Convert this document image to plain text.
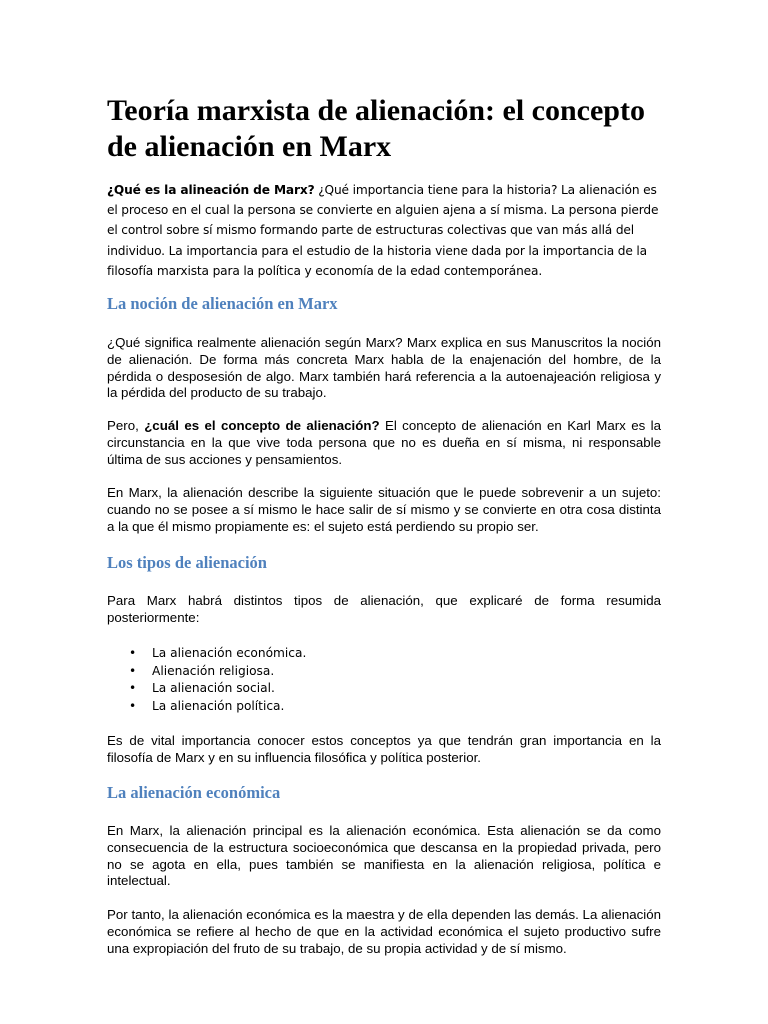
Teoría marxista de alienación: el concepto de alienación en Marx

¿Qué es la alineación de Marx? ¿Qué importancia tiene para la historia? La alienación es el proceso en el cual la persona se convierte en alguien ajena a sí misma. La persona pierde el control sobre sí mismo formando parte de estructuras colectivas que van más allá del individuo. La importancia para el estudio de la historia viene dada por la importancia de la filosofía marxista para la política y economía de la edad contemporánea.

La noción de alienación en Marx

¿Qué significa realmente alienación según Marx? Marx explica en sus Manuscritos la noción de alienación. De forma más concreta Marx habla de la enajenación del hombre, de la pérdida o desposesión de algo. Marx también hará referencia a la autoenajeación religiosa y la pérdida del producto de su trabajo.

Pero, ¿cuál es el concepto de alienación? El concepto de alienación en Karl Marx es la circunstancia en la que vive toda persona que no es dueña en sí misma, ni responsable última de sus acciones y pensamientos.

En Marx, la alienación describe la siguiente situación que le puede sobrevenir a un sujeto: cuando no se posee a sí mismo le hace salir de sí mismo y se convierte en otra cosa distinta a la que él mismo propiamente es: el sujeto está perdiendo su propio ser.

Los tipos de alienación

Para Marx habrá distintos tipos de alienación, que explicaré de forma resumida posteriormente:

• La alienación económica.
• Alienación religiosa.
• La alienación social.
• La alienación política.

Es de vital importancia conocer estos conceptos ya que tendrán gran importancia en la filosofía de Marx y en su influencia filosófica y política posterior.

La alienación económica

En Marx, la alienación principal es la alienación económica. Esta alienación se da como consecuencia de la estructura socioeconómica que descansa en la propiedad privada, pero no se agota en ella, pues también se manifiesta en la alienación religiosa, política e intelectual.

Por tanto, la alienación económica es la maestra y de ella dependen las demás. La alienación económica se refiere al hecho de que en la actividad económica el sujeto productivo sufre una expropiación del fruto de su trabajo, de su propia actividad y de sí mismo.
